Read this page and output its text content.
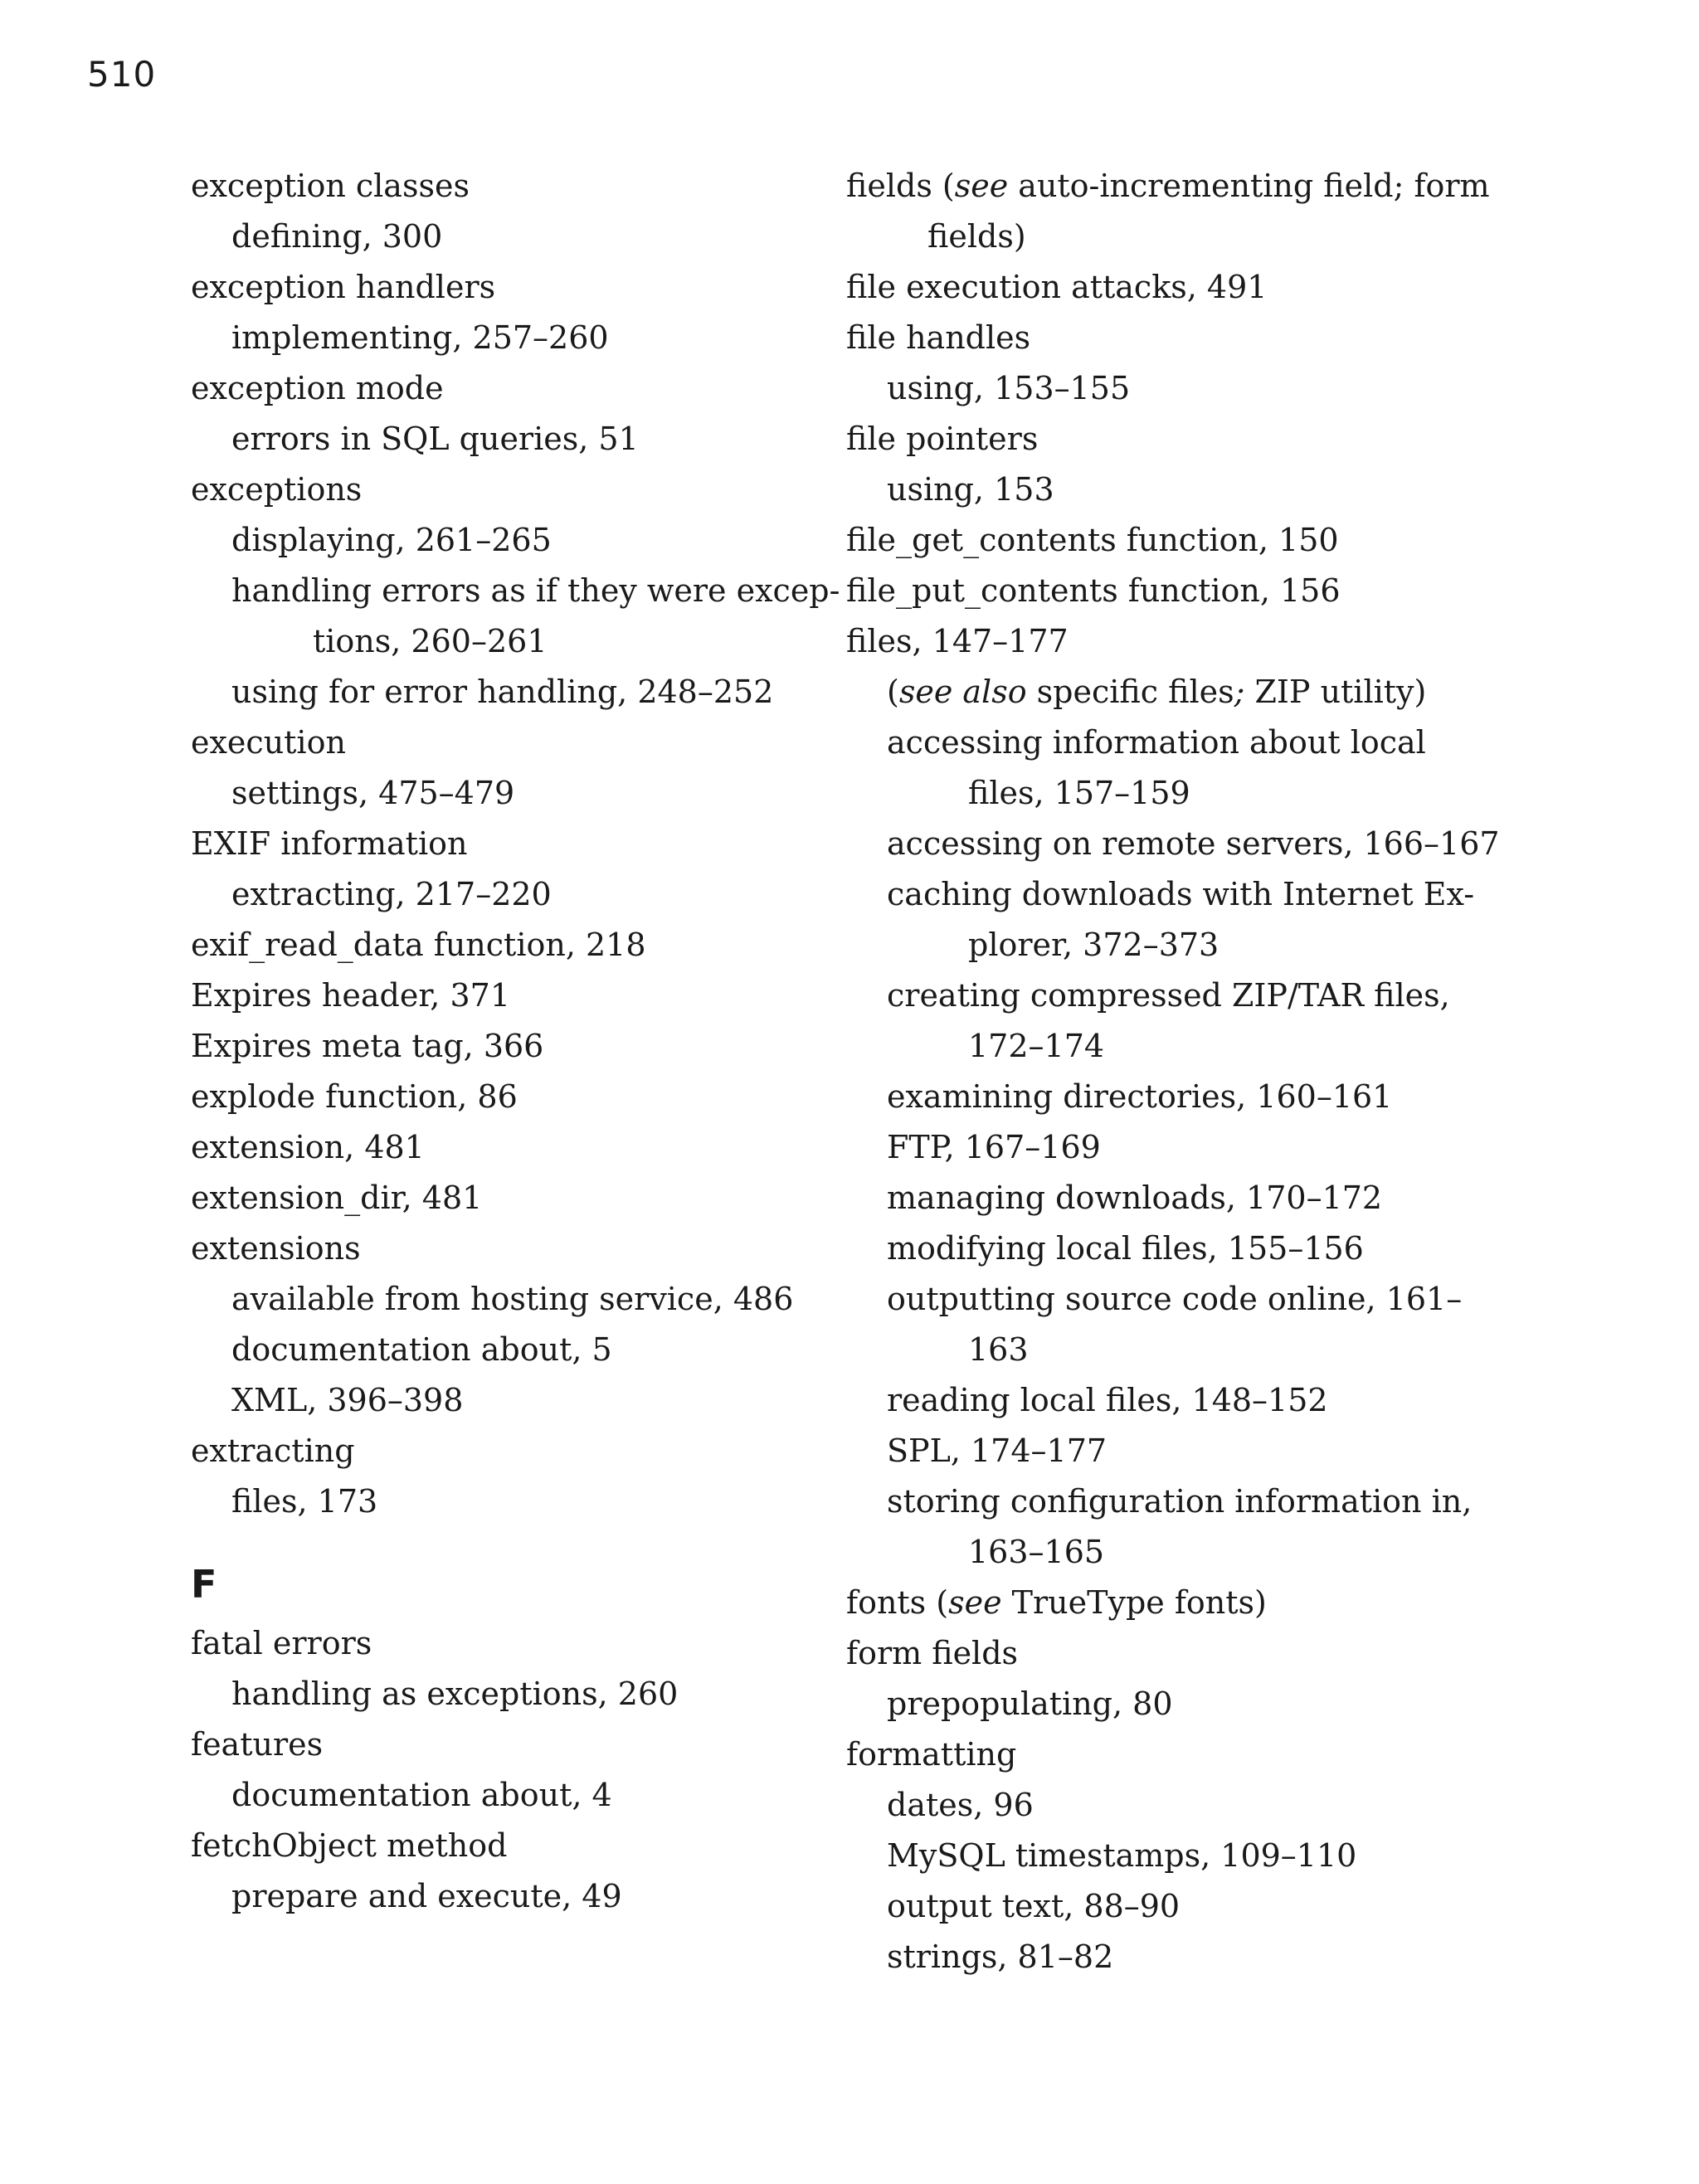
510
exception classes
defining, 300
exception handlers
implementing, 257–260
exception mode
errors in SQL queries, 51
exceptions
displaying, 261–265
handling errors as if they were excep-
tions, 260–261
using for error handling, 248–252
execution
settings, 475–479
EXIF information
extracting, 217–220
exif_read_data function, 218
Expires header, 371
Expires meta tag, 366
explode function, 86
extension, 481
extension_dir, 481
extensions
available from hosting service, 486
documentation about, 5
XML, 396–398
extracting
files, 173
F
fatal errors
handling as exceptions, 260
features
documentation about, 4
fetchObject method
prepare and execute, 49
fields (see auto-incrementing field; form
fields)
file execution attacks, 491
file handles
using, 153–155
file pointers
using, 153
file_get_contents function, 150
file_put_contents function, 156
files, 147–177
(see also specific files; ZIP utility)
accessing information about local
files, 157–159
accessing on remote servers, 166–167
caching downloads with Internet Ex-
plorer, 372–373
creating compressed ZIP/TAR files,
172–174
examining directories, 160–161
FTP, 167–169
managing downloads, 170–172
modifying local files, 155–156
outputting source code online, 161–
163
reading local files, 148–152
SPL, 174–177
storing configuration information in,
163–165
fonts (see TrueType fonts)
form fields
prepopulating, 80
formatting
dates, 96
MySQL timestamps, 109–110
output text, 88–90
strings, 81–82
